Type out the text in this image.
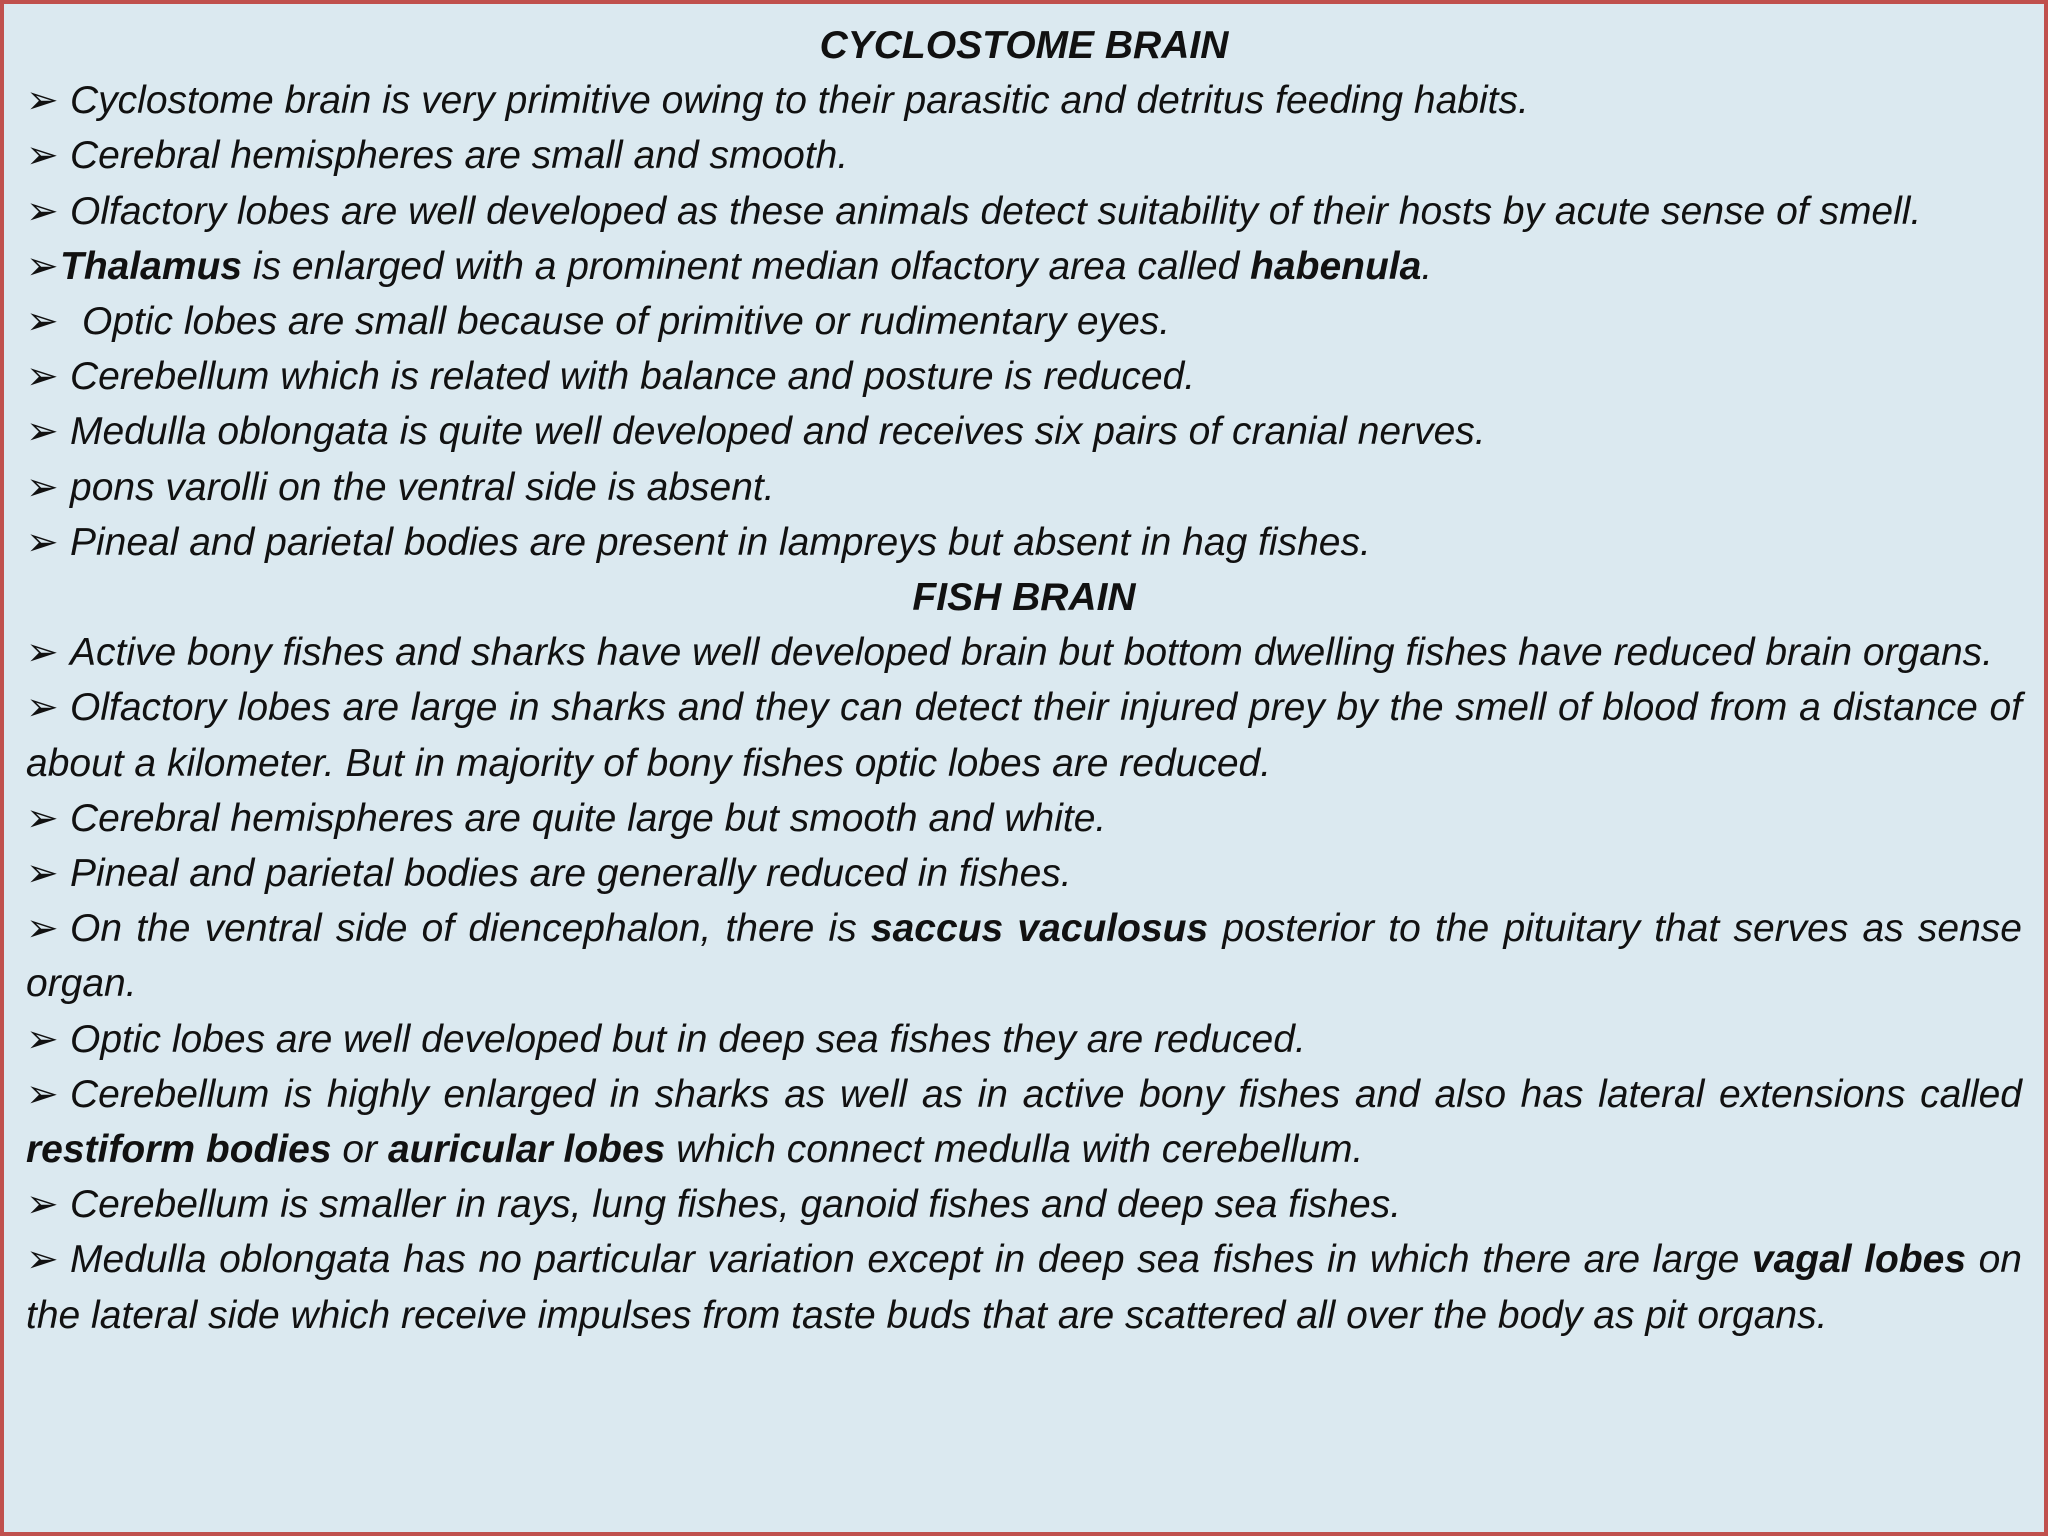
CYCLOSTOME BRAIN

➢ Cyclostome brain is very primitive owing to their parasitic and detritus feeding habits.

➢ Cerebral hemispheres are small and smooth.

➢ Olfactory lobes are well developed as these animals detect suitability of their hosts by acute sense of smell.

➢Thalamus is enlarged with a prominent median olfactory area called habenula.

➢ Optic lobes are small because of primitive or rudimentary eyes.

➢ Cerebellum which is related with balance and posture is reduced.

➢ Medulla oblongata is quite well developed and receives six pairs of cranial nerves.

➢ pons varolli on the ventral side is absent.

➢ Pineal and parietal bodies are present in lampreys but absent in hag fishes.

FISH BRAIN

➢ Active bony fishes and sharks have well developed brain but bottom dwelling fishes have reduced brain organs.

➢ Olfactory lobes are large in sharks and they can detect their injured prey by the smell of blood from a distance of about a kilometer. But in majority of bony fishes optic lobes are reduced.

➢ Cerebral hemispheres are quite large but smooth and white.

➢ Pineal and parietal bodies are generally reduced in fishes.

➢ On the ventral side of diencephalon, there is saccus vaculosus posterior to the pituitary that serves as sense organ.

➢ Optic lobes are well developed but in deep sea fishes they are reduced.

➢ Cerebellum is highly enlarged in sharks as well as in active bony fishes and also has lateral extensions called restiform bodies or auricular lobes which connect medulla with cerebellum.

➢ Cerebellum is smaller in rays, lung fishes, ganoid fishes and deep sea fishes.

➢ Medulla oblongata has no particular variation except in deep sea fishes in which there are large vagal lobes on the lateral side which receive impulses from taste buds that are scattered all over the body as pit organs.
